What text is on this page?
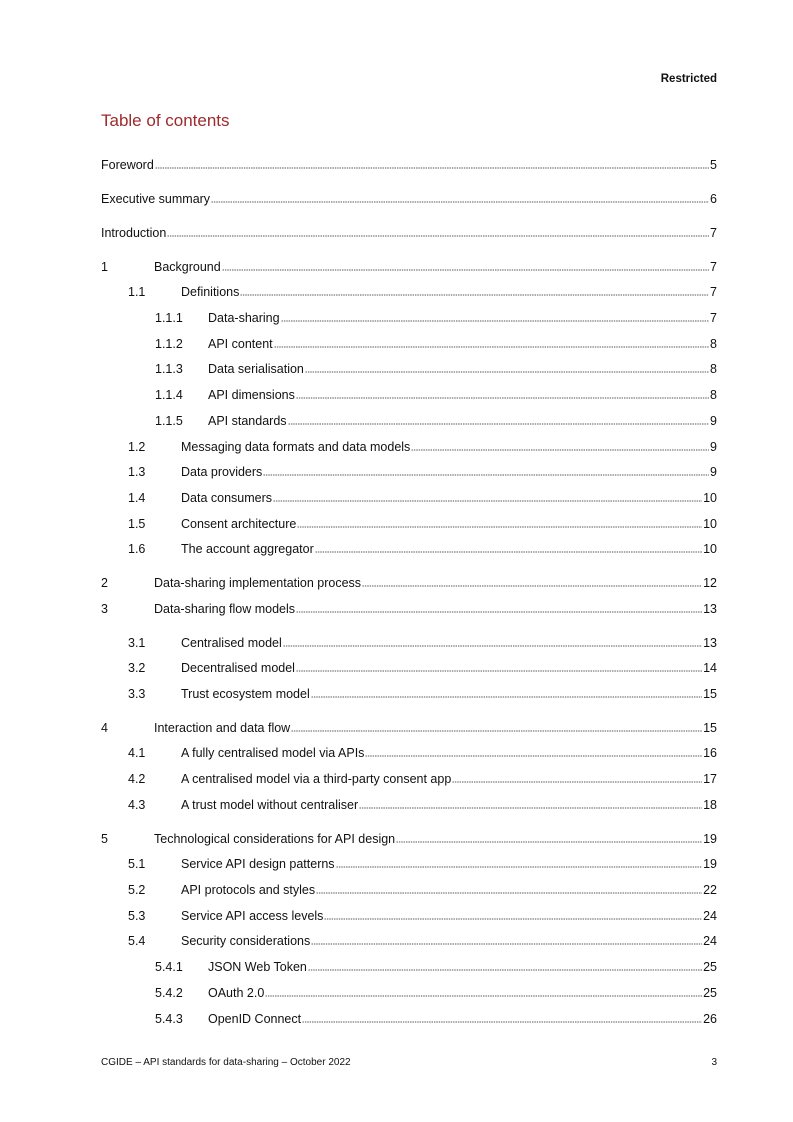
Restricted
Table of contents
Foreword	5
Executive summary	6
Introduction	7
1	Background	7
1.1	Definitions	7
1.1.1	Data-sharing	7
1.1.2	API content	8
1.1.3	Data serialisation	8
1.1.4	API dimensions	8
1.1.5	API standards	9
1.2	Messaging data formats and data models	9
1.3	Data providers	9
1.4	Data consumers	10
1.5	Consent architecture	10
1.6	The account aggregator	10
2	Data-sharing implementation process	12
3	Data-sharing flow models	13
3.1	Centralised model	13
3.2	Decentralised model	14
3.3	Trust ecosystem model	15
4	Interaction and data flow	15
4.1	A fully centralised model via APIs	16
4.2	A centralised model via a third-party consent app	17
4.3	A trust model without centraliser	18
5	Technological considerations for API design	19
5.1	Service API design patterns	19
5.2	API protocols and styles	22
5.3	Service API access levels	24
5.4	Security considerations	24
5.4.1	JSON Web Token	25
5.4.2	OAuth 2.0	25
5.4.3	OpenID Connect	26
CGIDE – API standards for data-sharing – October 2022	3
